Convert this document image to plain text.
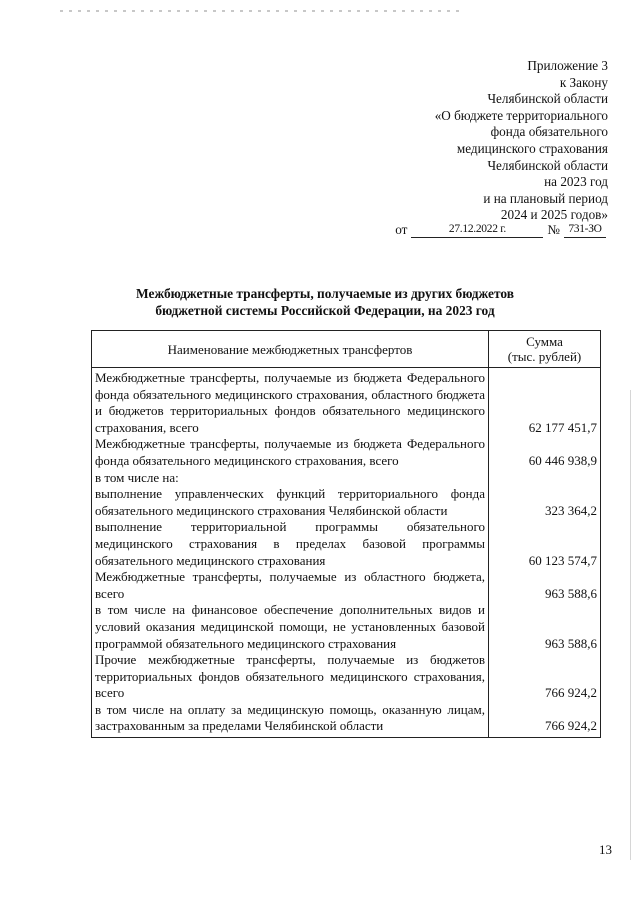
Приложение 3
к Закону
Челябинской области
«О бюджете территориального
фонда обязательного
медицинского страхования
Челябинской области
на 2023 год
и на плановый период
2024 и 2025 годов»
от	27.12.2022 г.	№ 731-ЗО
Межбюджетные трансферты, получаемые из других бюджетов
бюджетной системы Российской Федерации, на 2023 год
Наименование межбюджетных трансфертов	Сумма
(тыс. рублей)

Межбюджетные трансферты, получаемые из бюджета Федерального фонда обязательного медицинского страхования, областного бюджета и бюджетов территориальных фондов обязательного медицинского страхования, всего	62 177 451,7
Межбюджетные трансферты, получаемые из бюджета Федерального фонда обязательного медицинского страхования, всего	60 446 938,9
в том числе на:	
выполнение управленческих функций территориального фонда обязательного медицинского страхования Челябинской области	323 364,2
выполнение территориальной программы обязательного медицинского страхования в пределах базовой программы обязательного медицинского страхования	60 123 574,7
Межбюджетные трансферты, получаемые из областного бюджета, всего	963 588,6
в том числе на финансовое обеспечение дополнительных видов и условий оказания медицинской помощи, не установленных базовой программой обязательного медицинского страхования	963 588,6
Прочие межбюджетные трансферты, получаемые из бюджетов территориальных фондов обязательного медицинского страхования, всего	766 924,2
в том числе на оплату за медицинскую помощь, оказанную лицам, застрахованным за пределами Челябинской области	766 924,2
13
